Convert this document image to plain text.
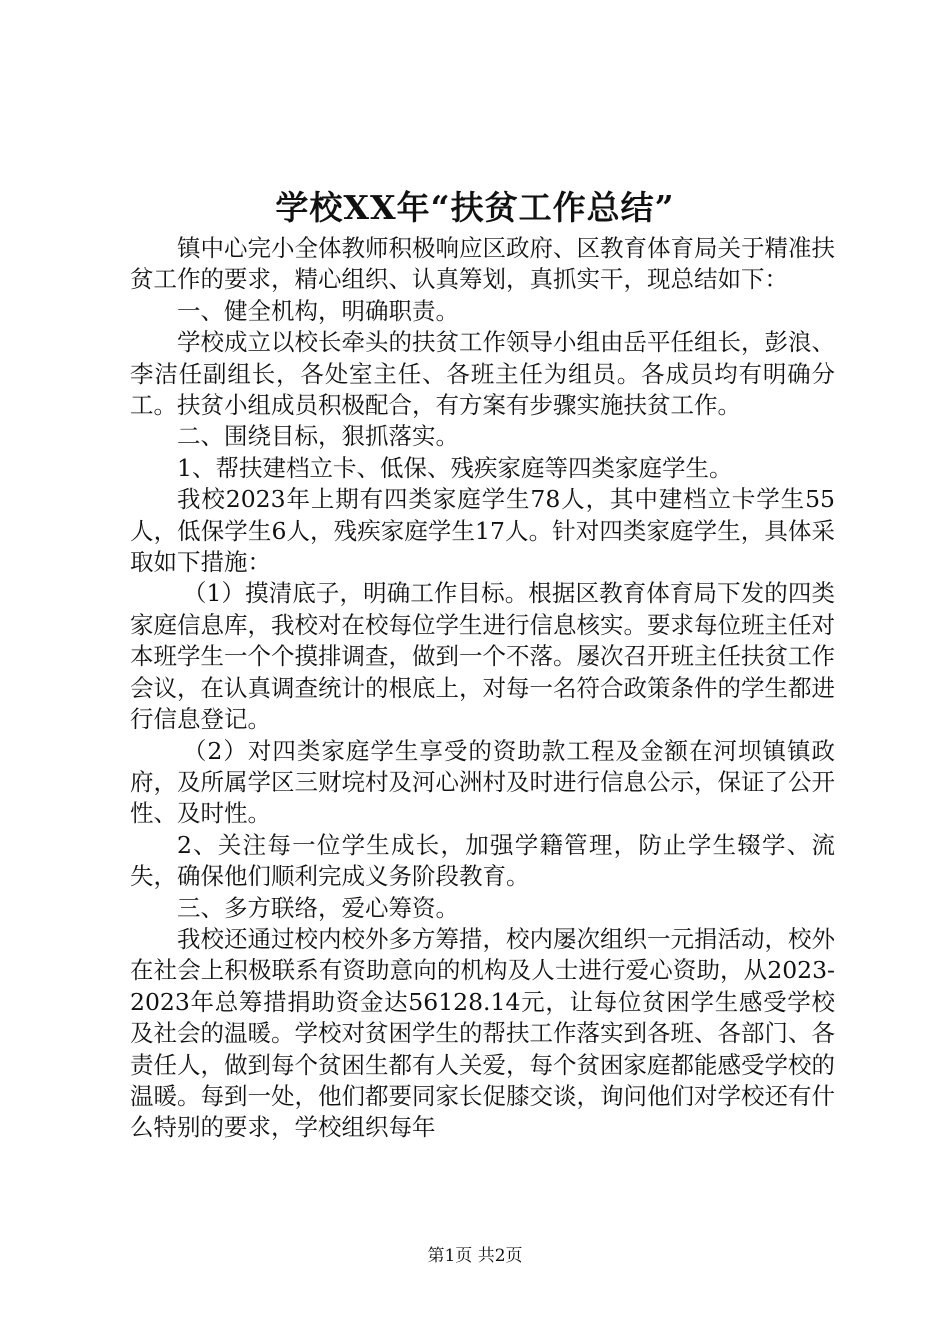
学校XX年“扶贫工作总结”

镇中心完小全体教师积极响应区政府、区教育体育局关于精准扶贫工作的要求，精心组织、认真筹划，真抓实干，现总结如下：

一、健全机构，明确职责。

学校成立以校长牵头的扶贫工作领导小组由岳平任组长，彭浪、李洁任副组长，各处室主任、各班主任为组员。各成员均有明确分工。扶贫小组成员积极配合，有方案有步骤实施扶贫工作。

二、围绕目标，狠抓落实。

1、帮扶建档立卡、低保、残疾家庭等四类家庭学生。

我校2023年上期有四类家庭学生78人，其中建档立卡学生55人，低保学生6人，残疾家庭学生17人。针对四类家庭学生，具体采取如下措施：

（1）摸清底子，明确工作目标。根据区教育体育局下发的四类家庭信息库，我校对在校每位学生进行信息核实。要求每位班主任对本班学生一个个摸排调查，做到一个不落。屡次召开班主任扶贫工作会议，在认真调查统计的根底上，对每一名符合政策条件的学生都进行信息登记。

（2）对四类家庭学生享受的资助款工程及金额在河坝镇镇政府，及所属学区三财垸村及河心洲村及时进行信息公示，保证了公开性、及时性。

2、关注每一位学生成长，加强学籍管理，防止学生辍学、流失，确保他们顺利完成义务阶段教育。

三、多方联络，爱心筹资。

我校还通过校内校外多方筹措，校内屡次组织一元捐活动，校外在社会上积极联系有资助意向的机构及人士进行爱心资助，从2023-2023年总筹措捐助资金达56128.14元，让每位贫困学生感受学校及社会的温暖。学校对贫困学生的帮扶工作落实到各班、各部门、各责任人，做到每个贫困生都有人关爱，每个贫困家庭都能感受学校的温暖。每到一处，他们都要同家长促膝交谈，询问他们对学校还有什么特别的要求，学校组织每年

第1页 共2页
